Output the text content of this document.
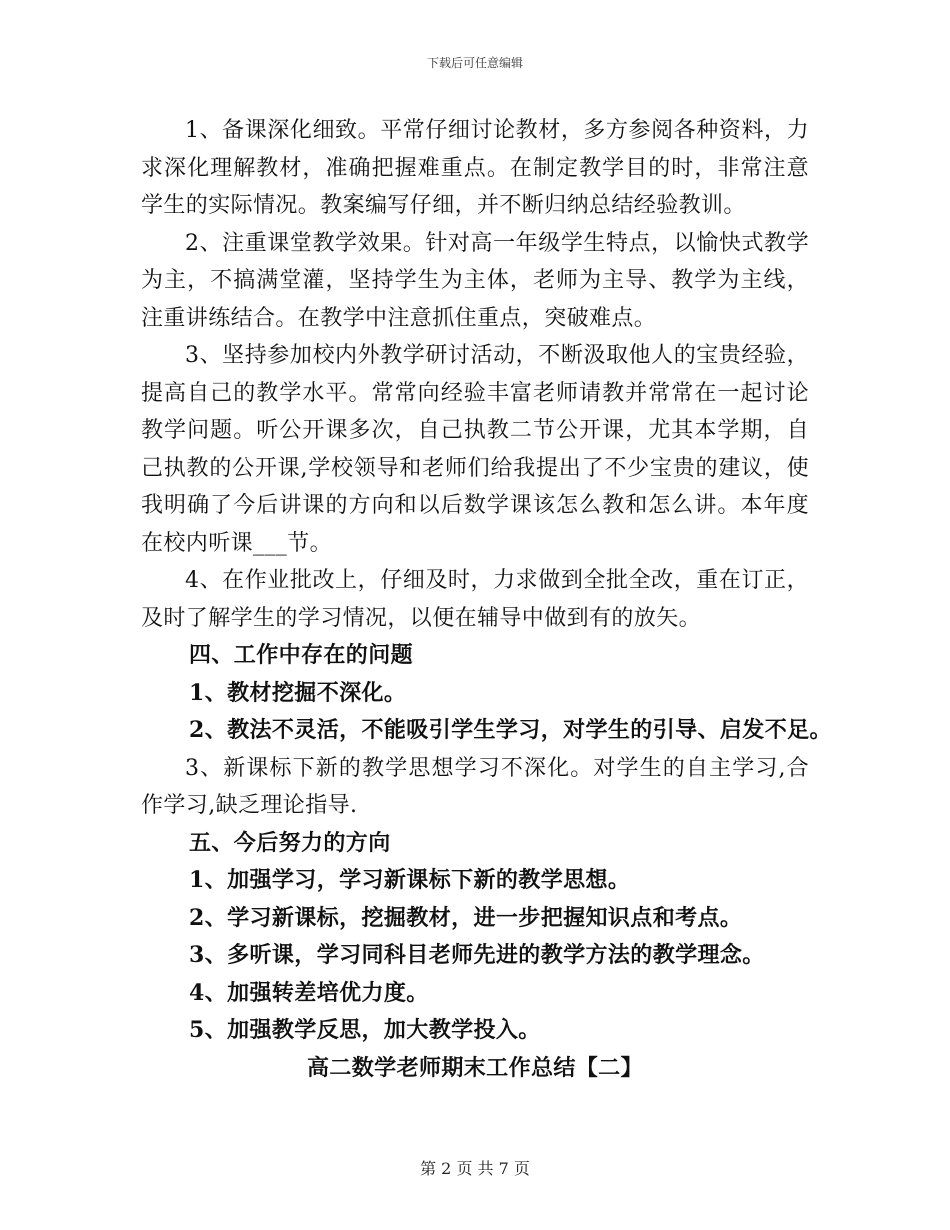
下载后可任意编辑

1、备课深化细致。平常仔细讨论教材，多方参阅各种资料，力求深化理解教材，准确把握难重点。在制定教学目的时，非常注意学生的实际情况。教案编写仔细，并不断归纳总结经验教训。

2、注重课堂教学效果。针对高一年级学生特点，以愉快式教学为主，不搞满堂灌，坚持学生为主体，老师为主导、教学为主线，注重讲练结合。在教学中注意抓住重点，突破难点。

3、坚持参加校内外教学研讨活动，不断汲取他人的宝贵经验，提高自己的教学水平。常常向经验丰富老师请教并常常在一起讨论教学问题。听公开课多次，自己执教二节公开课，尤其本学期，自己执教的公开课,学校领导和老师们给我提出了不少宝贵的建议，使我明确了今后讲课的方向和以后数学课该怎么教和怎么讲。本年度在校内听课___节。

4、在作业批改上，仔细及时，力求做到全批全改，重在订正，及时了解学生的学习情况，以便在辅导中做到有的放矢。

四、工作中存在的问题

1、教材挖掘不深化。

2、教法不灵活，不能吸引学生学习，对学生的引导、启发不足。

3、新课标下新的教学思想学习不深化。对学生的自主学习,合作学习,缺乏理论指导.

五、今后努力的方向

1、加强学习，学习新课标下新的教学思想。

2、学习新课标，挖掘教材，进一步把握知识点和考点。

3、多听课，学习同科目老师先进的教学方法的教学理念。

4、加强转差培优力度。

5、加强教学反思，加大教学投入。

高二数学老师期末工作总结【二】

第 2 页 共 7 页
